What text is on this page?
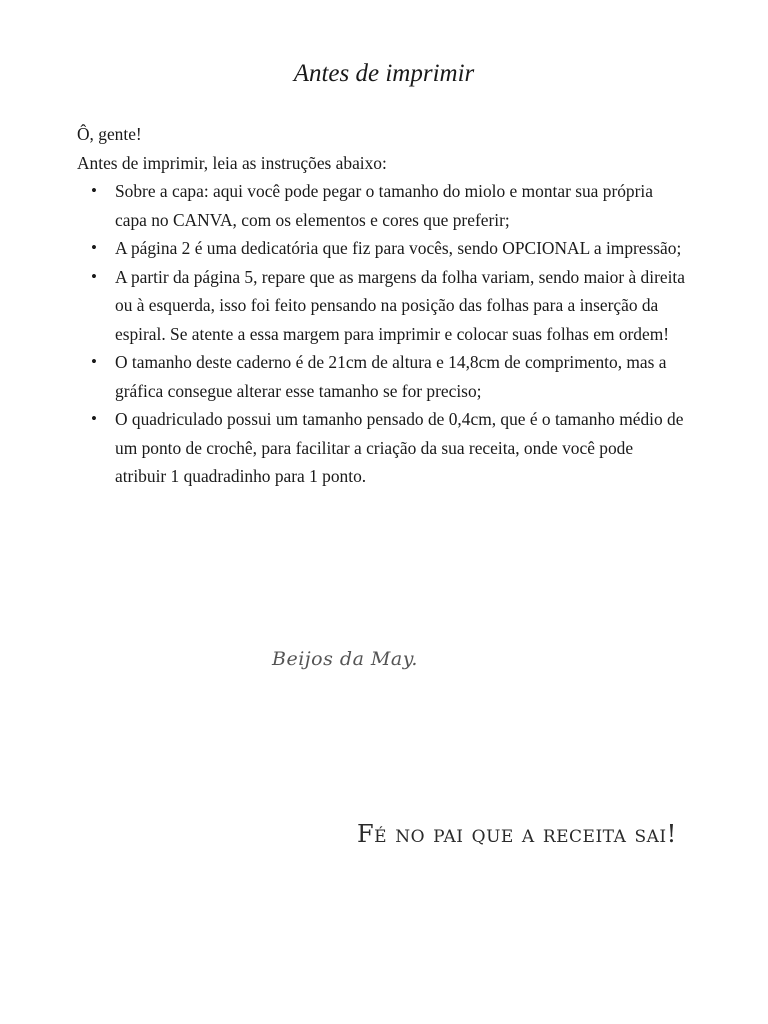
Antes de imprimir

Ô, gente!

Antes de imprimir, leia as instruções abaixo:

• Sobre a capa: aqui você pode pegar o tamanho do miolo e montar sua própria capa no CANVA, com os elementos e cores que preferir;
• A página 2 é uma dedicatória que fiz para vocês, sendo OPCIONAL a impressão;
• A partir da página 5, repare que as margens da folha variam, sendo maior à direita ou à esquerda, isso foi feito pensando na posição das folhas para a inserção da espiral. Se atente a essa margem para imprimir e colocar suas folhas em ordem!
• O tamanho deste caderno é de 21cm de altura e 14,8cm de comprimento, mas a gráfica consegue alterar esse tamanho se for preciso;
• O quadriculado possui um tamanho pensado de 0,4cm, que é o tamanho médio de um ponto de crochê, para facilitar a criação da sua receita, onde você pode atribuir 1 quadradinho para 1 ponto.
Beijos da May.
Fé no pai que a receita sai!
